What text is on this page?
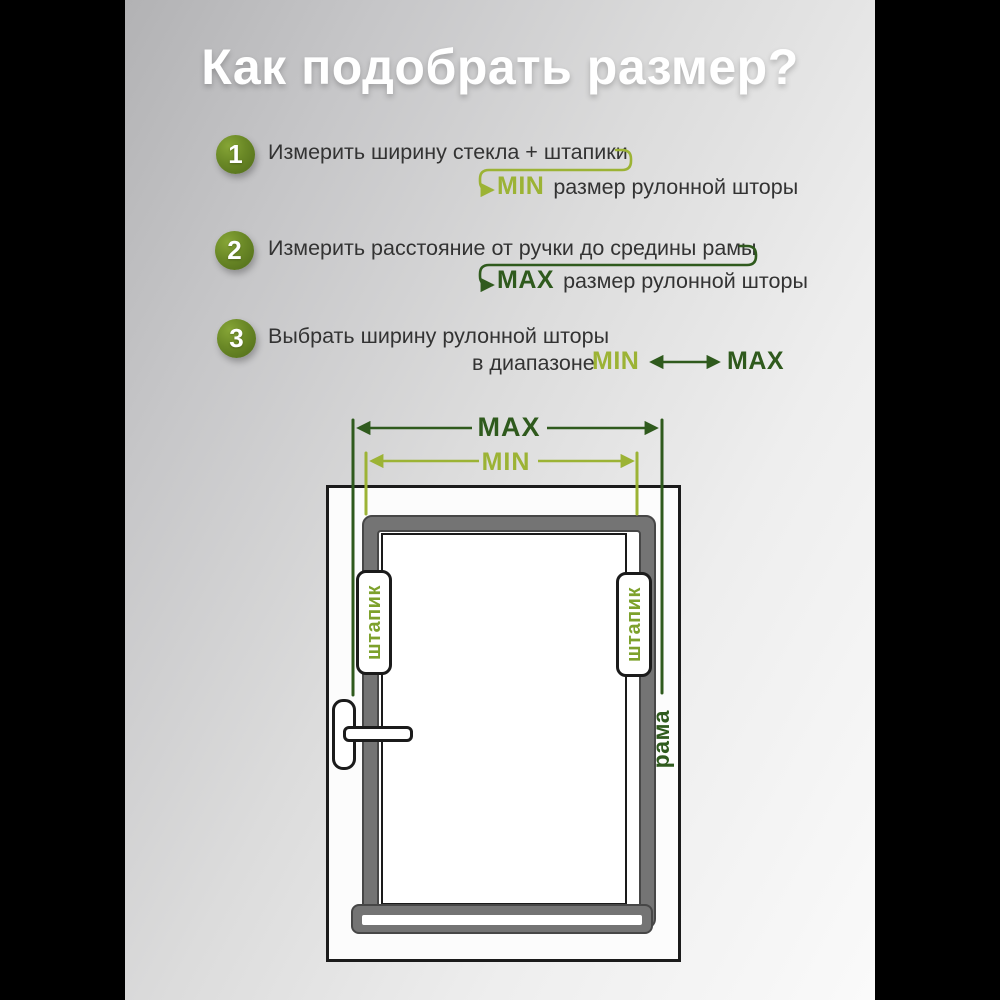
Как подобрать размер?
1	Измерить ширину стекла + штапики
MIN размер рулонной шторы
2	Измерить расстояние от ручки до средины рамы
MAX размер рулонной шторы
3	Выбрать ширину рулонной шторы
в диапазоне
MIN	MAX
штапик	штапик
рама
MAX
MIN
